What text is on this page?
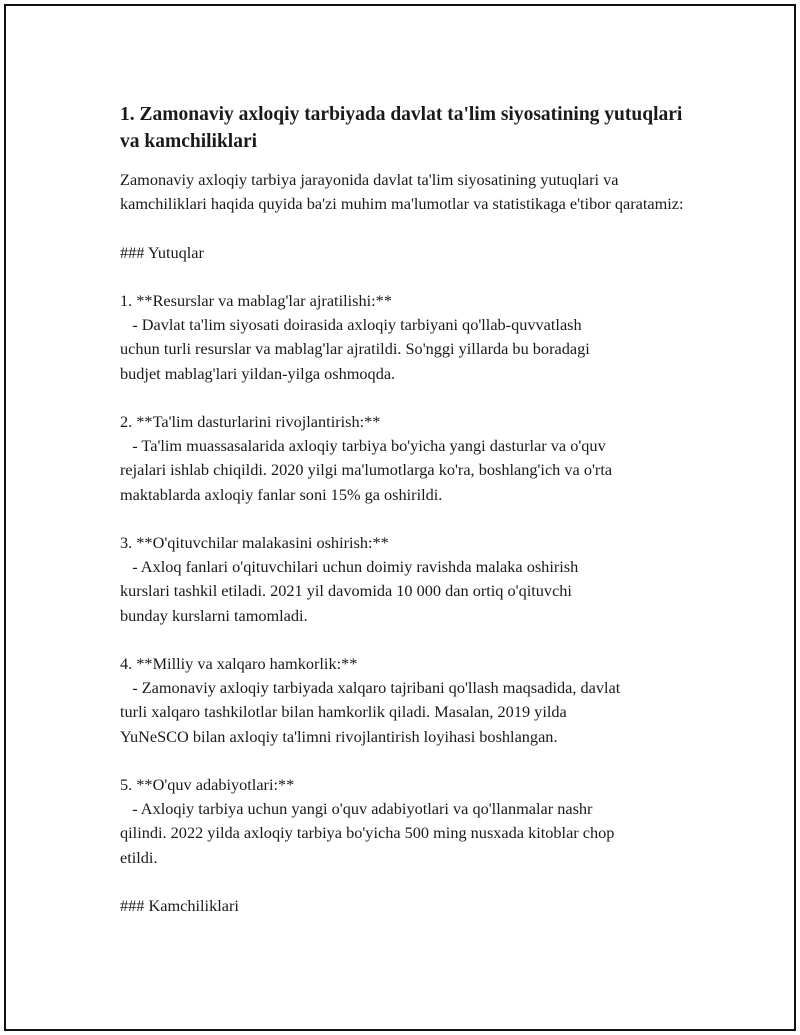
1. Zamonaviy axloqiy tarbiyada davlat ta'lim siyosatining yutuqlari va kamchiliklari
Zamonaviy axloqiy tarbiya jarayonida davlat ta'lim siyosatining yutuqlari va kamchiliklari haqida quyida ba'zi muhim ma'lumotlar va statistikaga e'tibor qaratamiz:

### Yutuqlar

1. **Resurslar va mablag'lar ajratilishi:**
- Davlat ta'lim siyosati doirasida axloqiy tarbiyani qo'llab-quvvatlash
uchun turli resurslar va mablag'lar ajratildi. So'nggi yillarda bu boradagi
budjet mablag'lari yildan-yilga oshmoqda.

2. **Ta'lim dasturlarini rivojlantirish:**
- Ta'lim muassasalarida axloqiy tarbiya bo'yicha yangi dasturlar va o'quv
rejalari ishlab chiqildi. 2020 yilgi ma'lumotlarga ko'ra, boshlang'ich va o'rta
maktablarda axloqiy fanlar soni 15% ga oshirildi.

3. **O'qituvchilar malakasini oshirish:**
- Axloq fanlari o'qituvchilari uchun doimiy ravishda malaka oshirish
kurslari tashkil etiladi. 2021 yil davomida 10 000 dan ortiq o'qituvchi
bunday kurslarni tamomladi.

4. **Milliy va xalqaro hamkorlik:**
- Zamonaviy axloqiy tarbiyada xalqaro tajribani qo'llash maqsadida, davlat
turli xalqaro tashkilotlar bilan hamkorlik qiladi. Masalan, 2019 yilda
YuNeSCO bilan axloqiy ta'limni rivojlantirish loyihasi boshlangan.

5. **O'quv adabiyotlari:**
- Axloqiy tarbiya uchun yangi o'quv adabiyotlari va qo'llanmalar nashr
qilindi. 2022 yilda axloqiy tarbiya bo'yicha 500 ming nusxada kitoblar chop
etildi.

### Kamchiliklari
